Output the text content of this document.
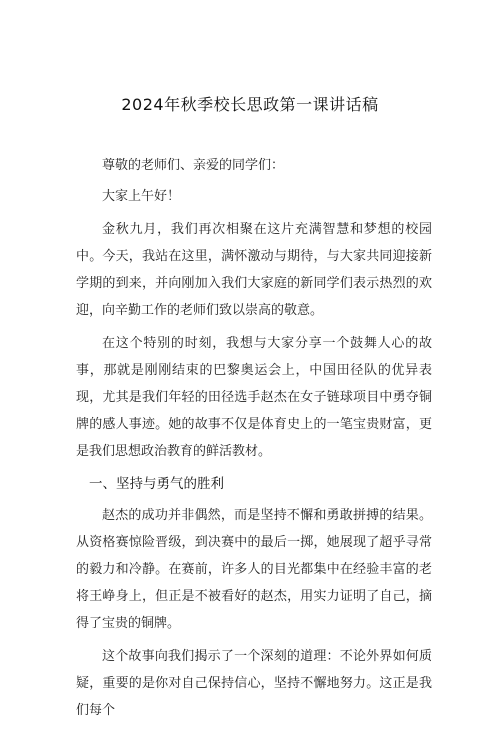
2024年秋季校长思政第一课讲话稿

尊敬的老师们、亲爱的同学们：

大家上午好！

金秋九月，我们再次相聚在这片充满智慧和梦想的校园中。今天，我站在这里，满怀激动与期待，与大家共同迎接新学期的到来，并向刚加入我们大家庭的新同学们表示热烈的欢迎，向辛勤工作的老师们致以崇高的敬意。

在这个特别的时刻，我想与大家分享一个鼓舞人心的故事，那就是刚刚结束的巴黎奥运会上，中国田径队的优异表现，尤其是我们年轻的田径选手赵杰在女子链球项目中勇夺铜牌的感人事迹。她的故事不仅是体育史上的一笔宝贵财富，更是我们思想政治教育的鲜活教材。

一、坚持与勇气的胜利

赵杰的成功并非偶然，而是坚持不懈和勇敢拼搏的结果。从资格赛惊险晋级，到决赛中的最后一掷，她展现了超乎寻常的毅力和冷静。在赛前，许多人的目光都集中在经验丰富的老将王峥身上，但正是不被看好的赵杰，用实力证明了自己，摘得了宝贵的铜牌。

这个故事向我们揭示了一个深刻的道理：不论外界如何质疑，重要的是你对自己保持信心，坚持不懈地努力。这正是我们每个
